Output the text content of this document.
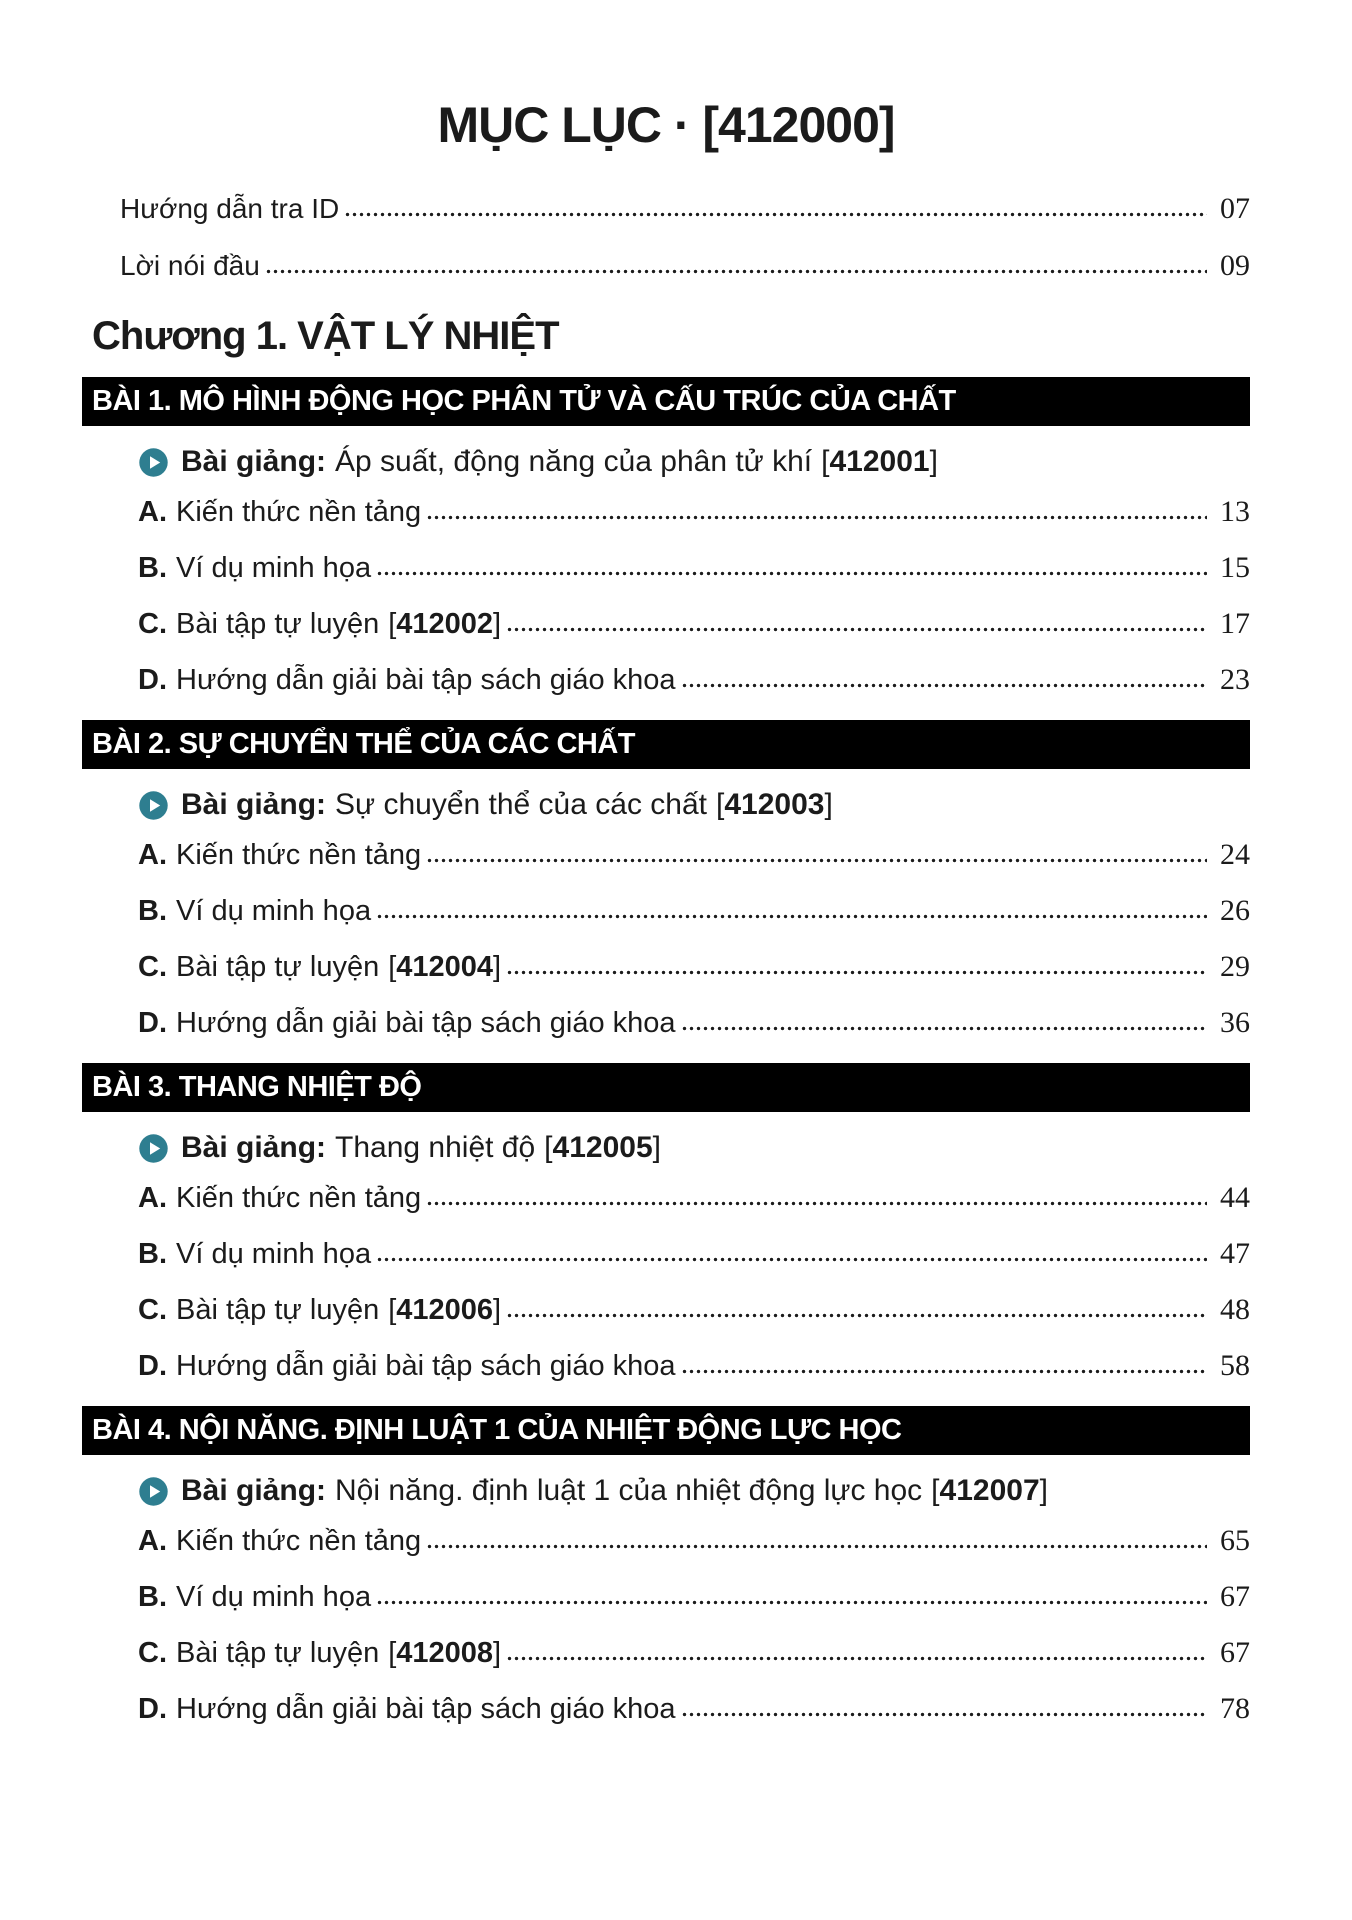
MỤC LỤC · [412000]
Hướng dẫn tra ID	07
Lời nói đầu	09
Chương 1. VẬT LÝ NHIỆT
BÀI 1. MÔ HÌNH ĐỘNG HỌC PHÂN TỬ VÀ CẤU TRÚC CỦA CHẤT
Bài giảng: Áp suất, động năng của phân tử khí [412001]
A. Kiến thức nền tảng	13
B. Ví dụ minh họa	15
C. Bài tập tự luyện [412002]	17
D. Hướng dẫn giải bài tập sách giáo khoa	23
BÀI 2. SỰ CHUYỂN THỂ CỦA CÁC CHẤT
Bài giảng: Sự chuyển thể của các chất [412003]
A. Kiến thức nền tảng	24
B. Ví dụ minh họa	26
C. Bài tập tự luyện [412004]	29
D. Hướng dẫn giải bài tập sách giáo khoa	36
BÀI 3. THANG NHIỆT ĐỘ
Bài giảng: Thang nhiệt độ [412005]
A. Kiến thức nền tảng	44
B. Ví dụ minh họa	47
C. Bài tập tự luyện [412006]	48
D. Hướng dẫn giải bài tập sách giáo khoa	58
BÀI 4. NỘI NĂNG. ĐỊNH LUẬT 1 CỦA NHIỆT ĐỘNG LỰC HỌC
Bài giảng: Nội năng. định luật 1 của nhiệt động lực học [412007]
A. Kiến thức nền tảng	65
B. Ví dụ minh họa	67
C. Bài tập tự luyện [412008]	67
D. Hướng dẫn giải bài tập sách giáo khoa	78
